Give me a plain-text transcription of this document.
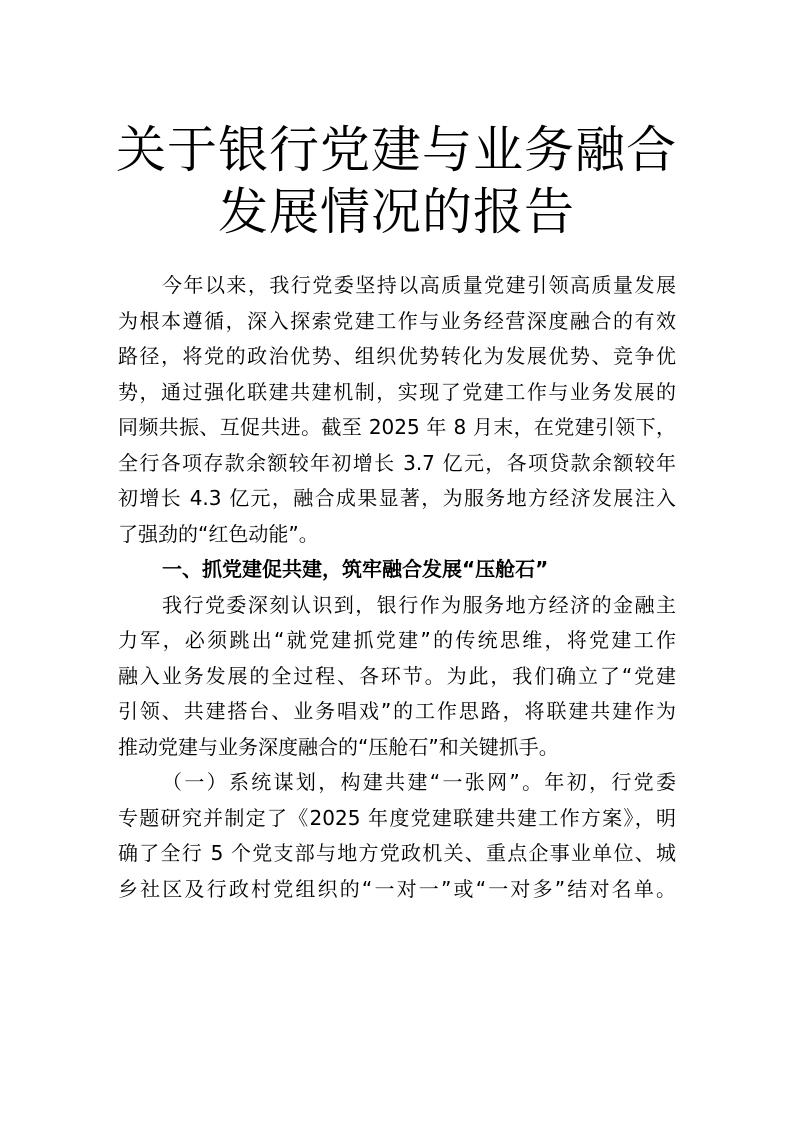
关于银行党建与业务融合
发展情况的报告
今年以来，我行党委坚持以高质量党建引领高质量发展
为根本遵循，深入探索党建工作与业务经营深度融合的有效
路径，将党的政治优势、组织优势转化为发展优势、竞争优
势，通过强化联建共建机制，实现了党建工作与业务发展的
同频共振、互促共进。截至 2025 年 8 月末，在党建引领下，
全行各项存款余额较年初增长 3.7 亿元，各项贷款余额较年
初增长 4.3 亿元，融合成果显著，为服务地方经济发展注入
了强劲的“红色动能”。
一、抓党建促共建，筑牢融合发展“压舱石”
我行党委深刻认识到，银行作为服务地方经济的金融主
力军，必须跳出“就党建抓党建”的传统思维，将党建工作
融入业务发展的全过程、各环节。为此，我们确立了“党建
引领、共建搭台、业务唱戏”的工作思路，将联建共建作为
推动党建与业务深度融合的“压舱石”和关键抓手。
（一）系统谋划，构建共建“一张网”。年初，行党委
专题研究并制定了《2025 年度党建联建共建工作方案》，明
确了全行 5 个党支部与地方党政机关、重点企事业单位、城
乡社区及行政村党组织的“一对一”或“一对多”结对名单。
